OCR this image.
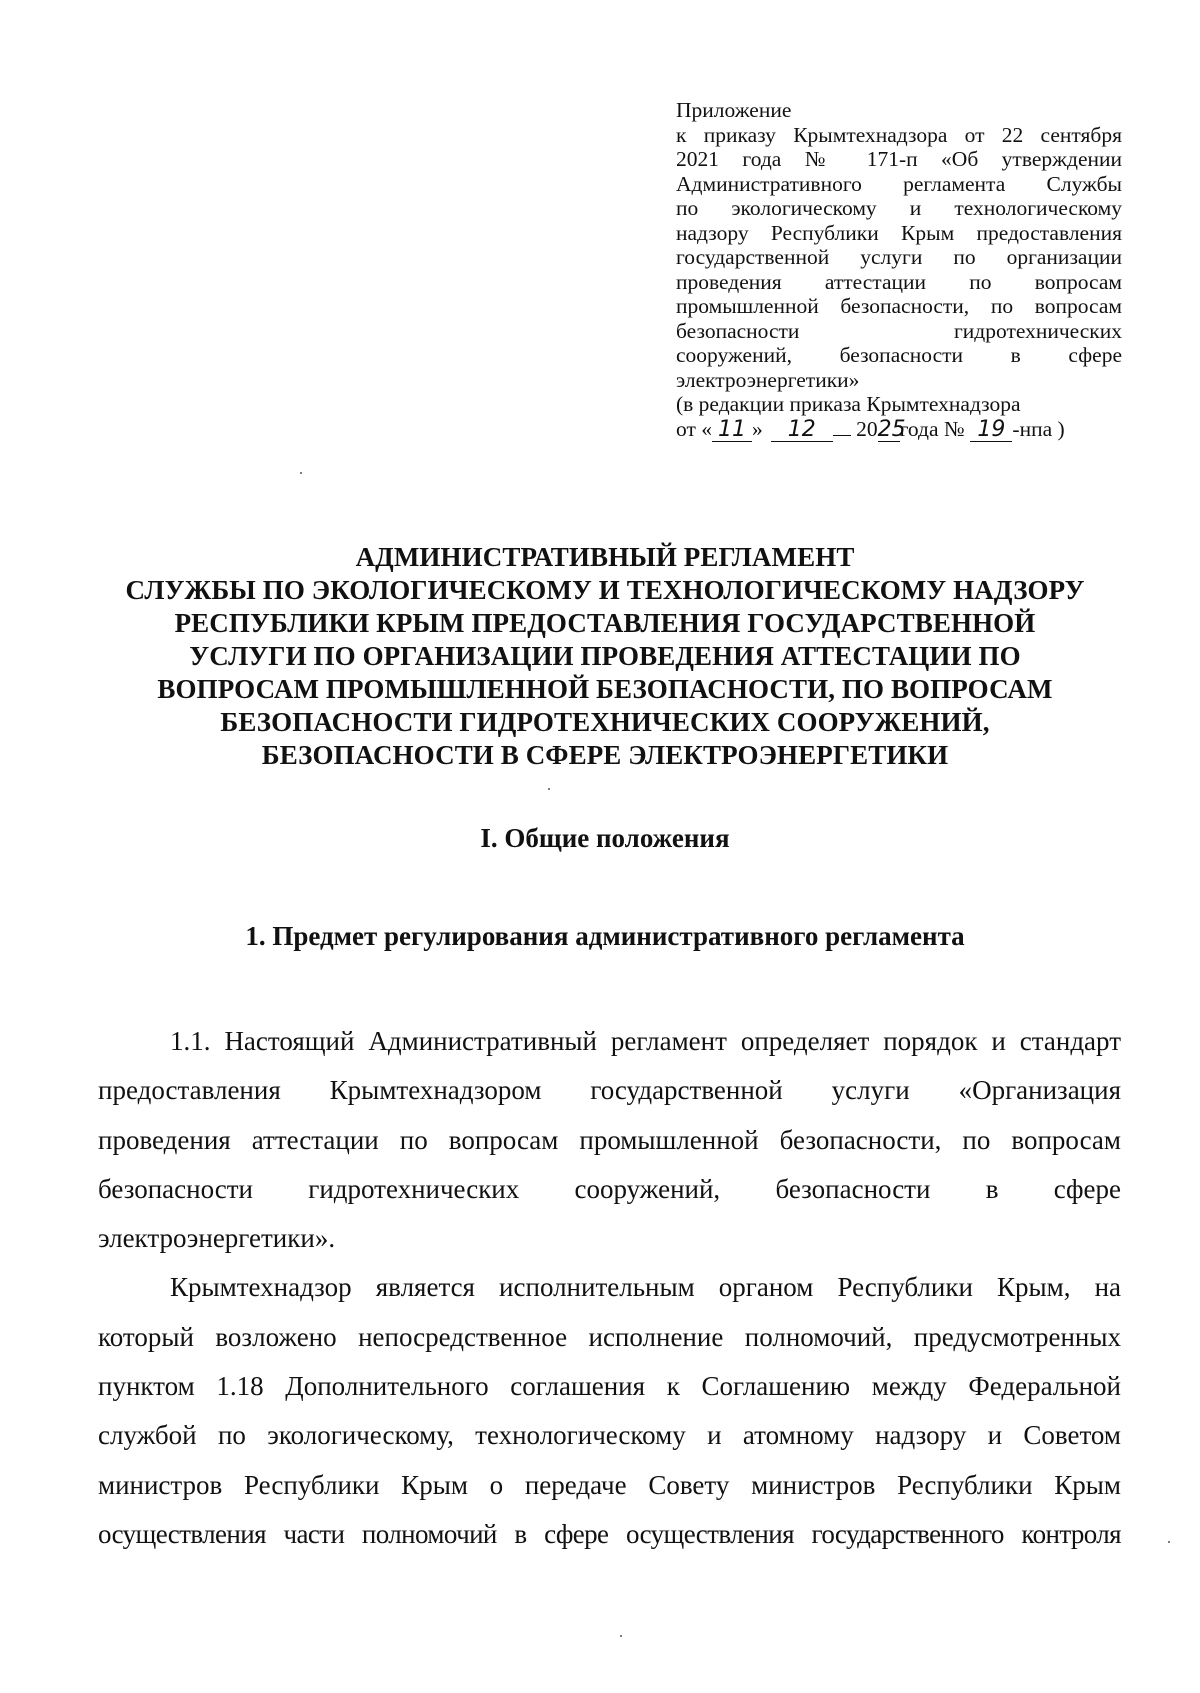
Приложение
к приказу Крымтехнадзора от 22 сентября
2021 года № 171-п «Об утверждении
Административного регламента Службы
по экологическому и технологическому
надзору Республики Крым предоставления
государственной услуги по организации
проведения аттестации по вопросам
промышленной безопасности, по вопросам
безопасности гидротехнических
сооружений, безопасности в сфере
электроэнергетики»
(в редакции приказа Крымтехнадзора
от « 11 » 12 2025года № 19 -нпа )
АДМИНИСТРАТИВНЫЙ РЕГЛАМЕНТ
СЛУЖБЫ ПО ЭКОЛОГИЧЕСКОМУ И ТЕХНОЛОГИЧЕСКОМУ НАДЗОРУ
РЕСПУБЛИКИ КРЫМ ПРЕДОСТАВЛЕНИЯ ГОСУДАРСТВЕННОЙ
УСЛУГИ ПО ОРГАНИЗАЦИИ ПРОВЕДЕНИЯ АТТЕСТАЦИИ ПО
ВОПРОСАМ ПРОМЫШЛЕННОЙ БЕЗОПАСНОСТИ, ПО ВОПРОСАМ
БЕЗОПАСНОСТИ ГИДРОТЕХНИЧЕСКИХ СООРУЖЕНИЙ,
БЕЗОПАСНОСТИ В СФЕРЕ ЭЛЕКТРОЭНЕРГЕТИКИ
I. Общие положения
1. Предмет регулирования административного регламента
1.1. Настоящий Административный регламент определяет порядок и стандарт
предоставления Крымтехнадзором государственной услуги «Организация
проведения аттестации по вопросам промышленной безопасности, по вопросам
безопасности гидротехнических сооружений, безопасности в сфере
электроэнергетики».
Крымтехнадзор является исполнительным органом Республики Крым, на
который возложено непосредственное исполнение полномочий, предусмотренных
пунктом 1.18 Дополнительного соглашения к Соглашению между Федеральной
службой по экологическому, технологическому и атомному надзору и Советом
министров Республики Крым о передаче Совету министров Республики Крым
осуществления части полномочий в сфере осуществления государственного контроля
